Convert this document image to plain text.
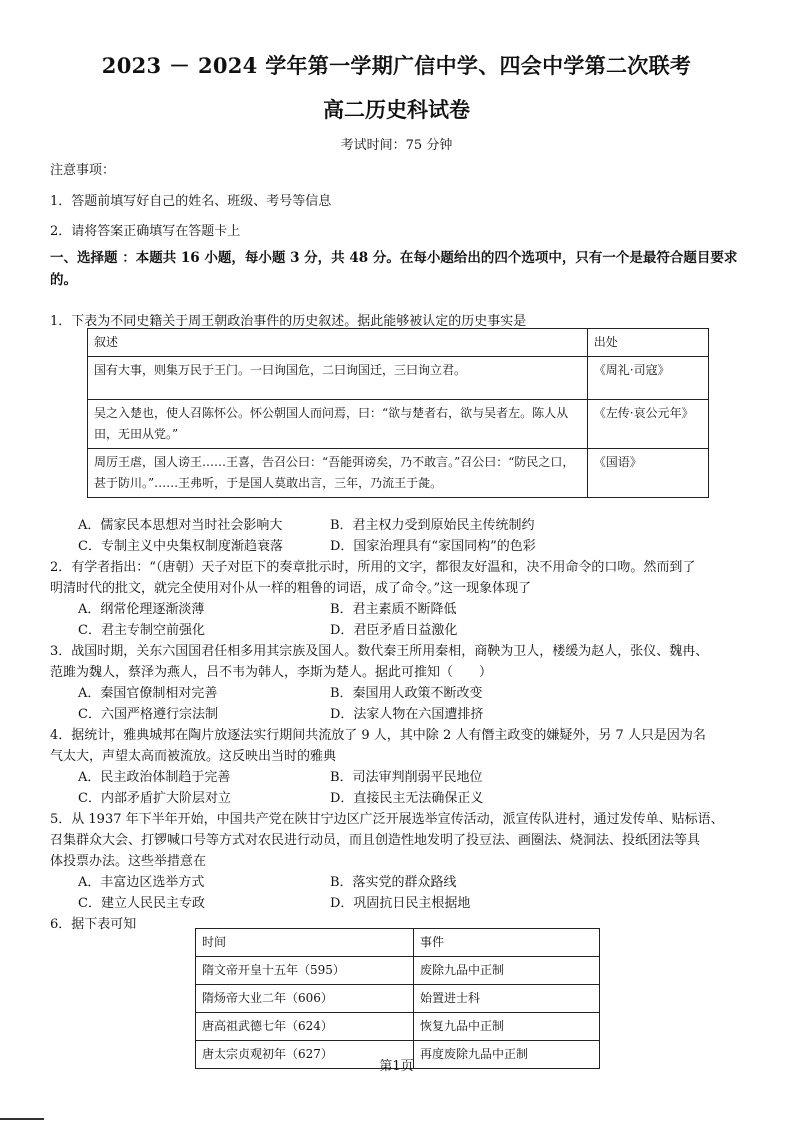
2023 － 2024 学年第一学期广信中学、四会中学第二次联考
高二历史科试卷
考试时间：75 分钟
注意事项：
1．答题前填写好自己的姓名、班级、考号等信息
2．请将答案正确填写在答题卡上
一、选择题 ：本题共 16 小题，每小题 3 分，共 48 分。在每小题给出的四个选项中，只有一个是最符合题目要求
的。
1．下表为不同史籍关于周王朝政治事件的历史叙述。据此能够被认定的历史事实是
叙述	出处
国有大事，则集万民于王门。一曰询国危，二曰询国迁，三曰询立君。	《周礼·司寇》
吴之入楚也，使人召陈怀公。怀公朝国人而问焉，曰：“欲与楚者右，欲与吴者左。陈人从田，无田从党。”	《左传·哀公元年》
周厉王虐，国人谤王……王喜，告召公曰：“吾能弭谤矣，乃不敢言。”召公曰：“防民之口，甚于防川。”……王弗听，于是国人莫敢出言，三年，乃流王于彘。	《国语》
A．儒家民本思想对当时社会影响大	B．君主权力受到原始民主传统制约
C．专制主义中央集权制度渐趋衰落	D．国家治理具有“家国同构”的色彩
2．有学者指出：“（唐朝）天子对臣下的奏章批示时，所用的文字，都很友好温和，决不用命令的口吻。然而到了
明清时代的批文，就完全使用对仆从一样的粗鲁的词语，成了命令。”这一现象体现了
A．纲常伦理逐渐淡薄	B．君主素质不断降低
C．君主专制空前强化	D．君臣矛盾日益激化
3．战国时期，关东六国国君任相多用其宗族及国人。数代秦王所用秦相，商鞅为卫人，楼缓为赵人，张仪、魏冉、
范雎为魏人，蔡泽为燕人，吕不韦为韩人，李斯为楚人。据此可推知（　　）
A．秦国官僚制相对完善	B．秦国用人政策不断改变
C．六国严格遵行宗法制	D．法家人物在六国遭排挤
4．据统计，雅典城邦在陶片放逐法实行期间共流放了 9 人，其中除 2 人有僭主政变的嫌疑外，另 7 人只是因为名
气太大，声望太高而被流放。这反映出当时的雅典
A．民主政治体制趋于完善	B．司法审判削弱平民地位
C．内部矛盾扩大阶层对立	D．直接民主无法确保正义
5．从 1937 年下半年开始，中国共产党在陕甘宁边区广泛开展选举宣传活动，派宣传队进村，通过发传单、贴标语、
召集群众大会、打锣喊口号等方式对农民进行动员，而且创造性地发明了投豆法、画圈法、烧洞法、投纸团法等具
体投票办法。这些举措意在
A．丰富边区选举方式	B．落实党的群众路线
C．建立人民民主专政	D．巩固抗日民主根据地
6．据下表可知
时间	事件
隋文帝开皇十五年（595）	废除九品中正制
隋炀帝大业二年（606）	始置进士科
唐高祖武德七年（624）	恢复九品中正制
唐太宗贞观初年（627）	再度废除九品中正制
第1页
